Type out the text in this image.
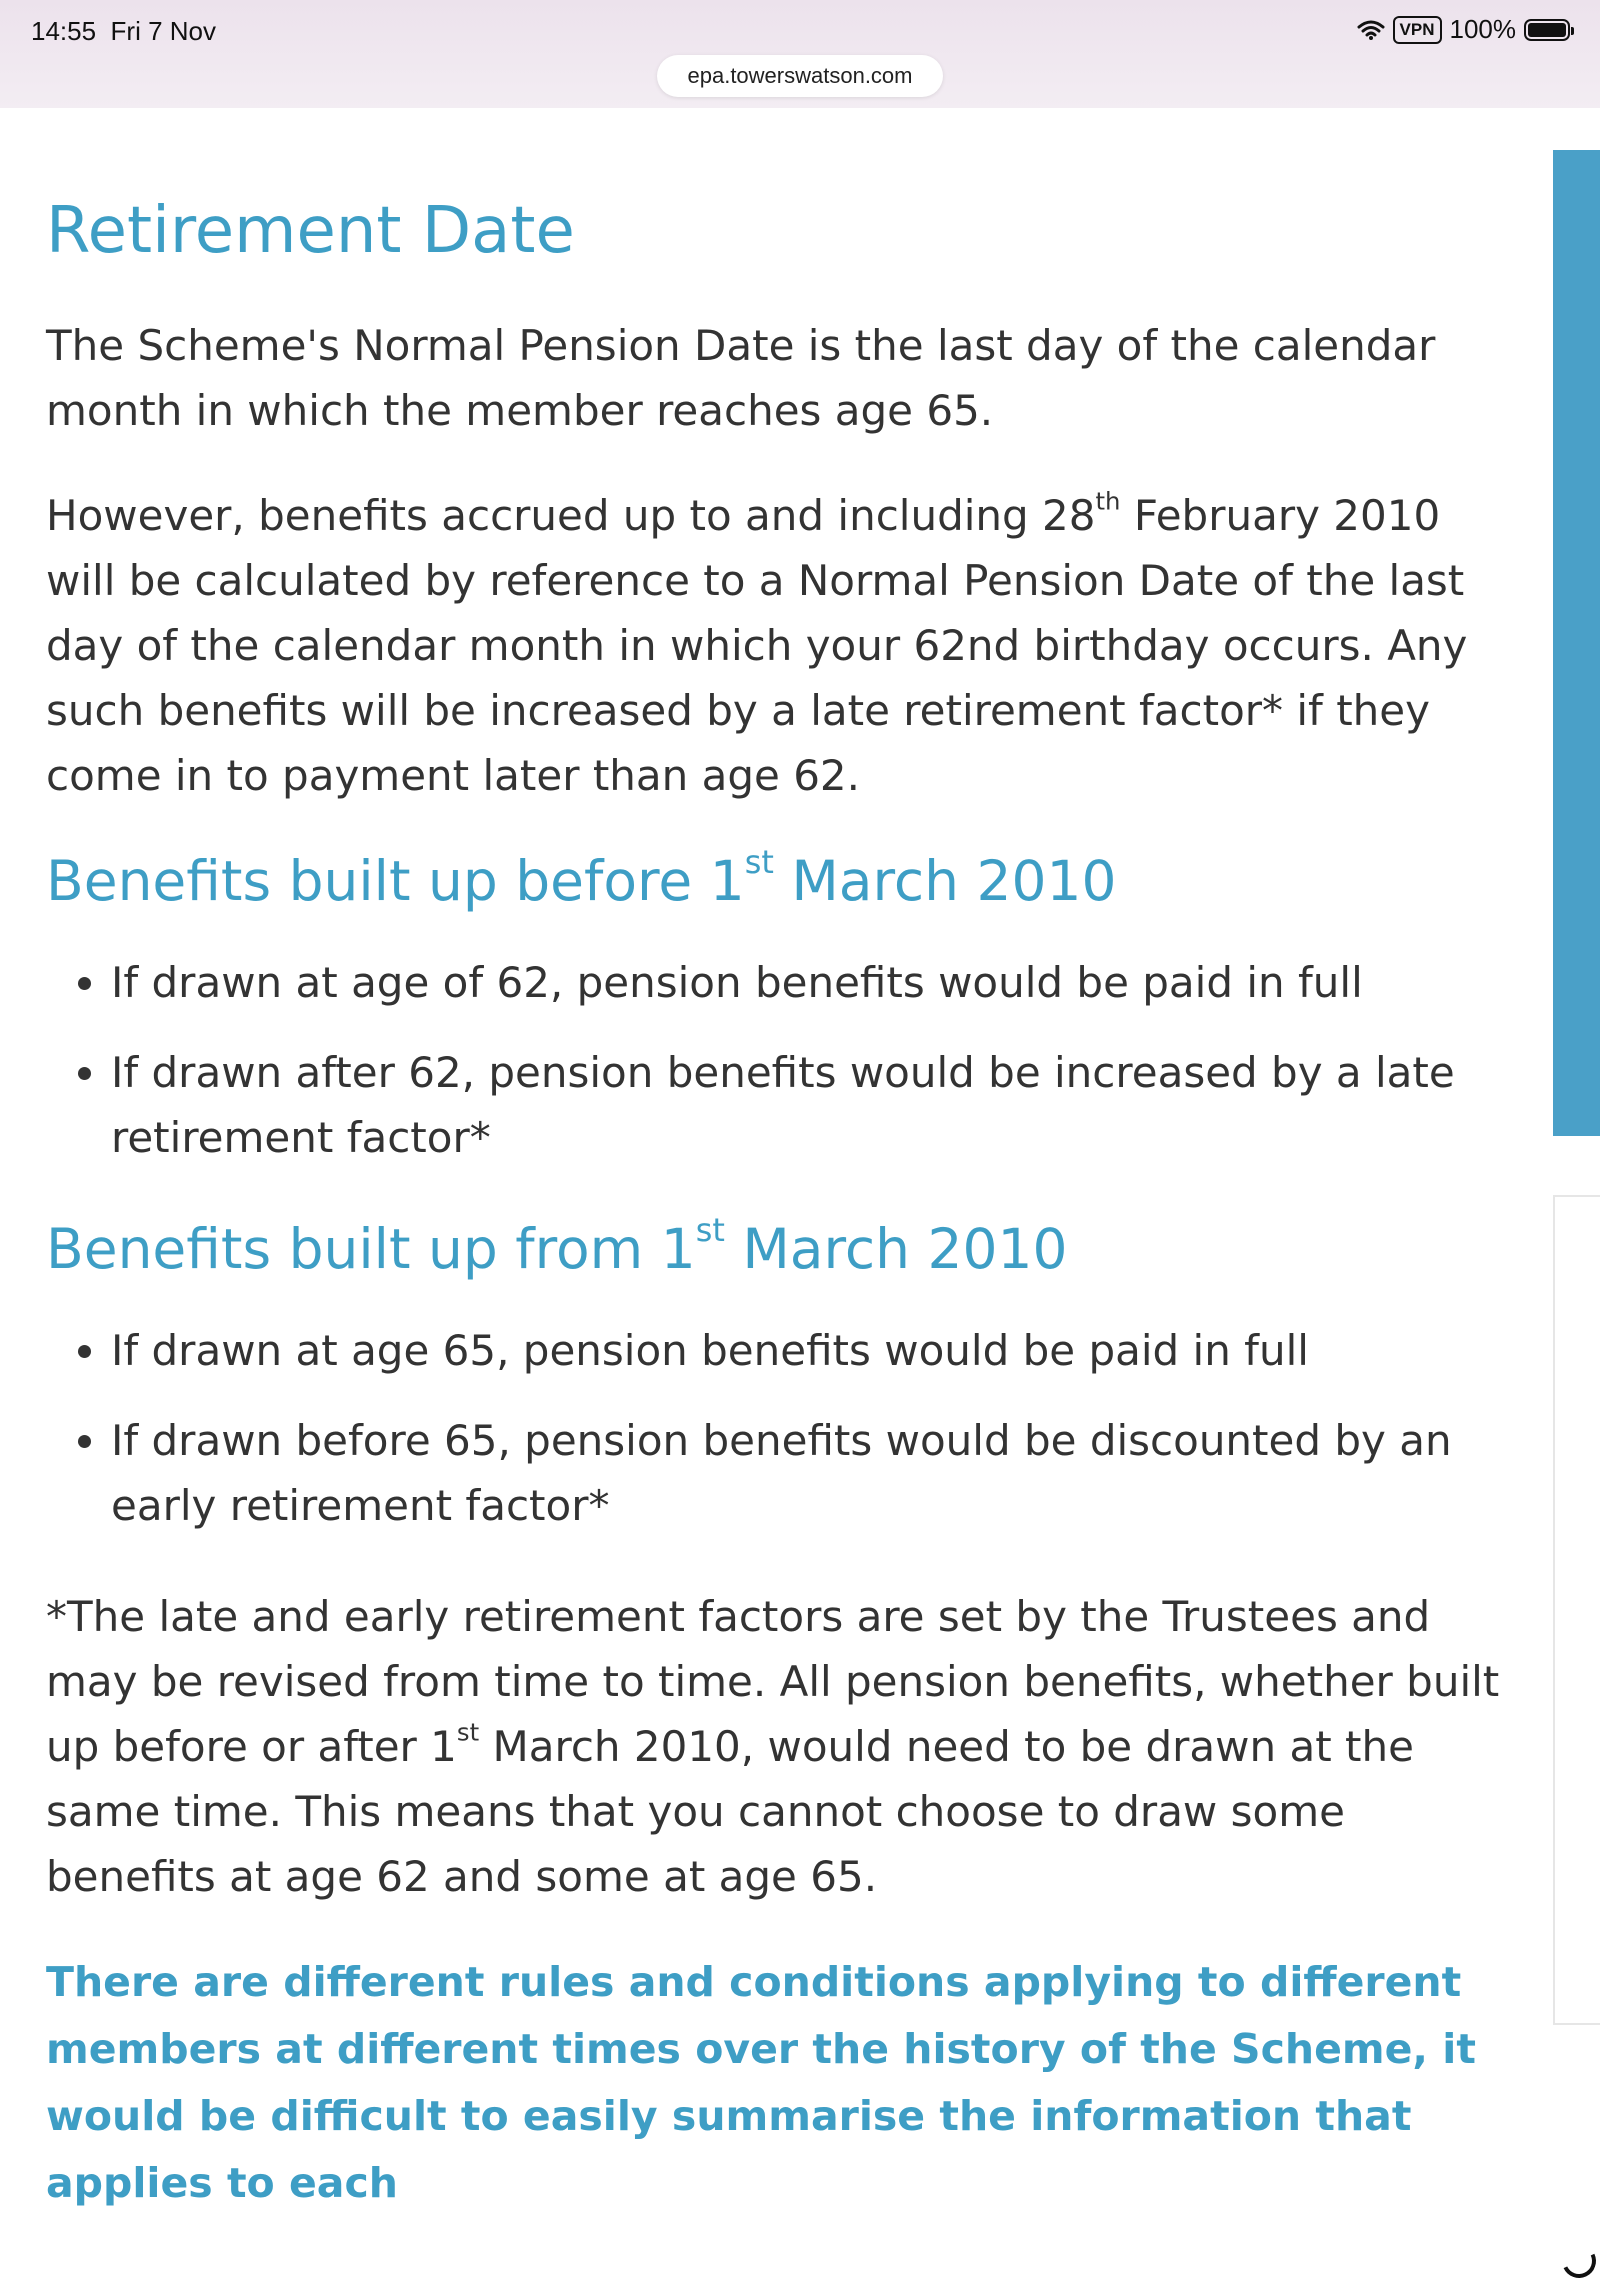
14:55 Fri 7 Nov	VPN 100%
epa.towerswatson.com
Retirement Date

The Scheme's Normal Pension Date is the last day of the calendar month in which the member reaches age 65.

However, benefits accrued up to and including 28th February 2010 will be calculated by reference to a Normal Pension Date of the last day of the calendar month in which your 62nd birthday occurs. Any such benefits will be increased by a late retirement factor* if they come in to payment later than age 62.

Benefits built up before 1st March 2010
• If drawn at age of 62, pension benefits would be paid in full
• If drawn after 62, pension benefits would be increased by a late retirement factor*
Benefits built up from 1st March 2010
• If drawn at age 65, pension benefits would be paid in full
• If drawn before 65, pension benefits would be discounted by an early retirement factor*

*The late and early retirement factors are set by the Trustees and may be revised from time to time. All pension benefits, whether built up before or after 1st March 2010, would need to be drawn at the same time. This means that you cannot choose to draw some benefits at age 62 and some at age 65.

There are different rules and conditions applying to different members at different times over the history of the Scheme, it would be difficult to easily summarise the information that applies to each
